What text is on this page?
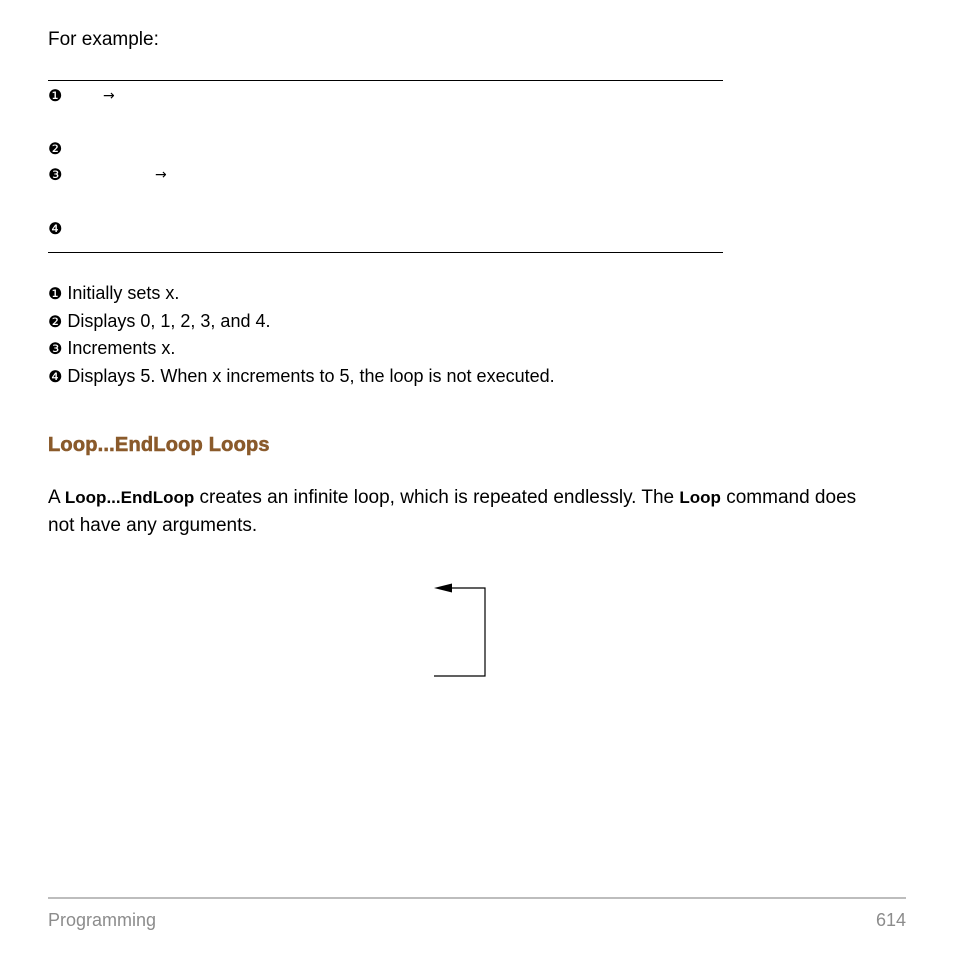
For example:

❶	→
❷
❸	→
❹
❶ Initially sets x.
❷ Displays 0, 1, 2, 3, and 4.
❸ Increments x.
❹ Displays 5. When x increments to 5, the loop is not executed.
Loop...EndLoop Loops

A Loop...EndLoop creates an infinite loop, which is repeated endlessly. The Loop command does not have any arguments.

Programming	614
